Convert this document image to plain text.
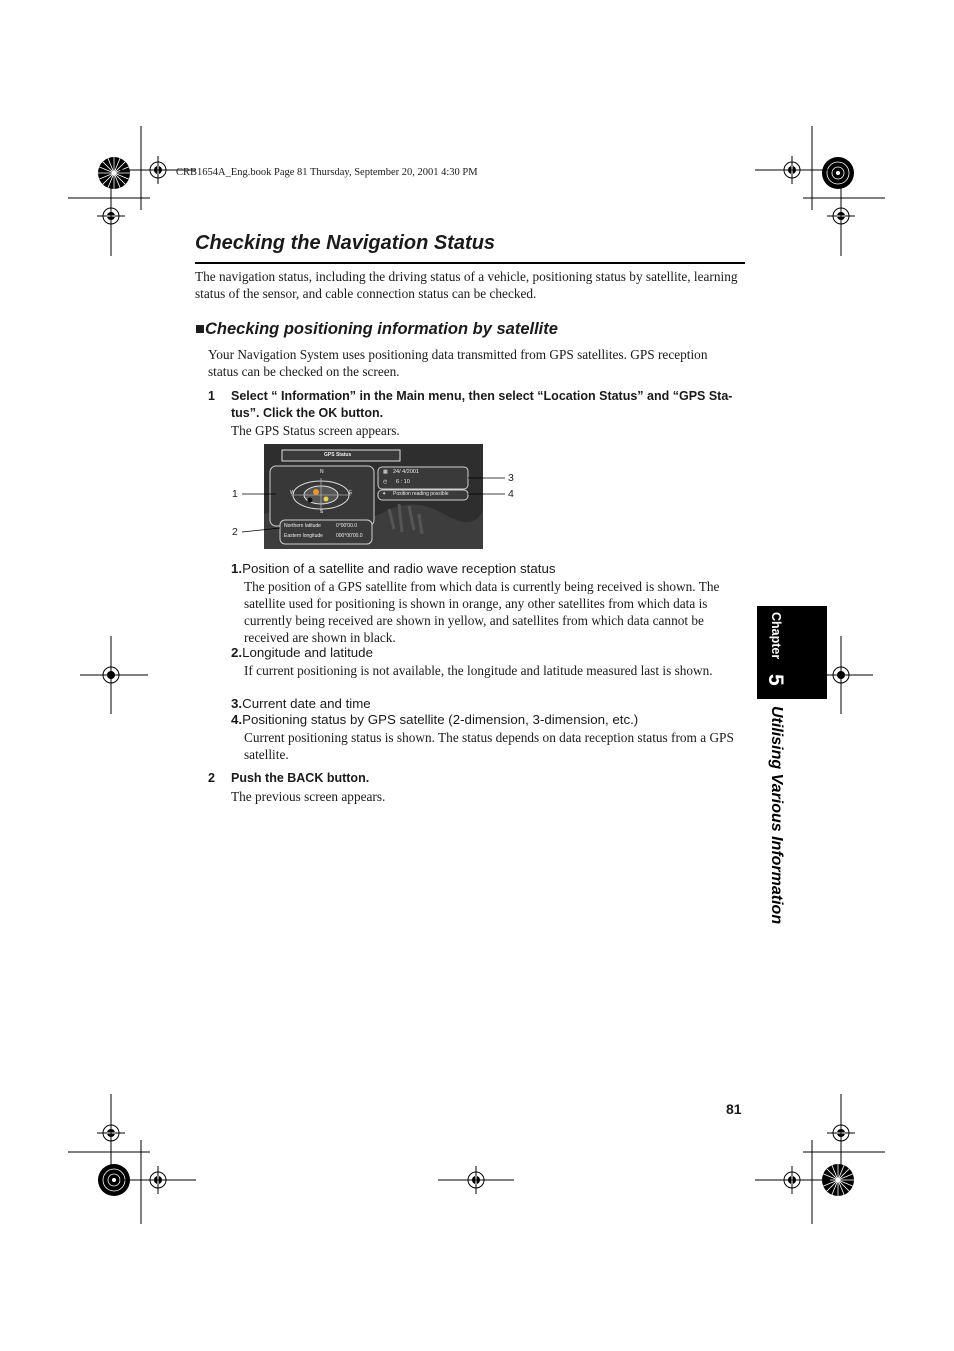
CRB1654A_Eng.book Page 81 Thursday, September 20, 2001 4:30 PM
Checking the Navigation Status
The navigation status, including the driving status of a vehicle, positioning status by satellite, learning status of the sensor, and cable connection status can be checked.
■Checking positioning information by satellite
Your Navigation System uses positioning data transmitted from GPS satellites. GPS reception status can be checked on the screen.
1 Select “ Information” in the Main menu, then select “Location Status” and “GPS Sta-
tus”. Click the OK button.
The GPS Status screen appears.
GPS Status
N
S
W	E
▦ 24/ 4/2001
◴ 6 : 10
✦ Position reading possible
Northern latitude	0°00'00.0
Eastern longitude	000°00'00.0
1
2
3
4
1.Position of a satellite and radio wave reception status
The position of a GPS satellite from which data is currently being received is shown. The satellite used for positioning is shown in orange, any other satellites from which data is currently being received are shown in yellow, and satellites from which data cannot be received are shown in black.
2.Longitude and latitude
If current positioning is not available, the longitude and latitude measured last is shown.
3.Current date and time
4.Positioning status by GPS satellite (2-dimension, 3-dimension, etc.)
Current positioning status is shown. The status depends on data reception status from a GPS satellite.
2 Push the BACK button.
The previous screen appears.
Chapter
5
Utilising Various Information
81
